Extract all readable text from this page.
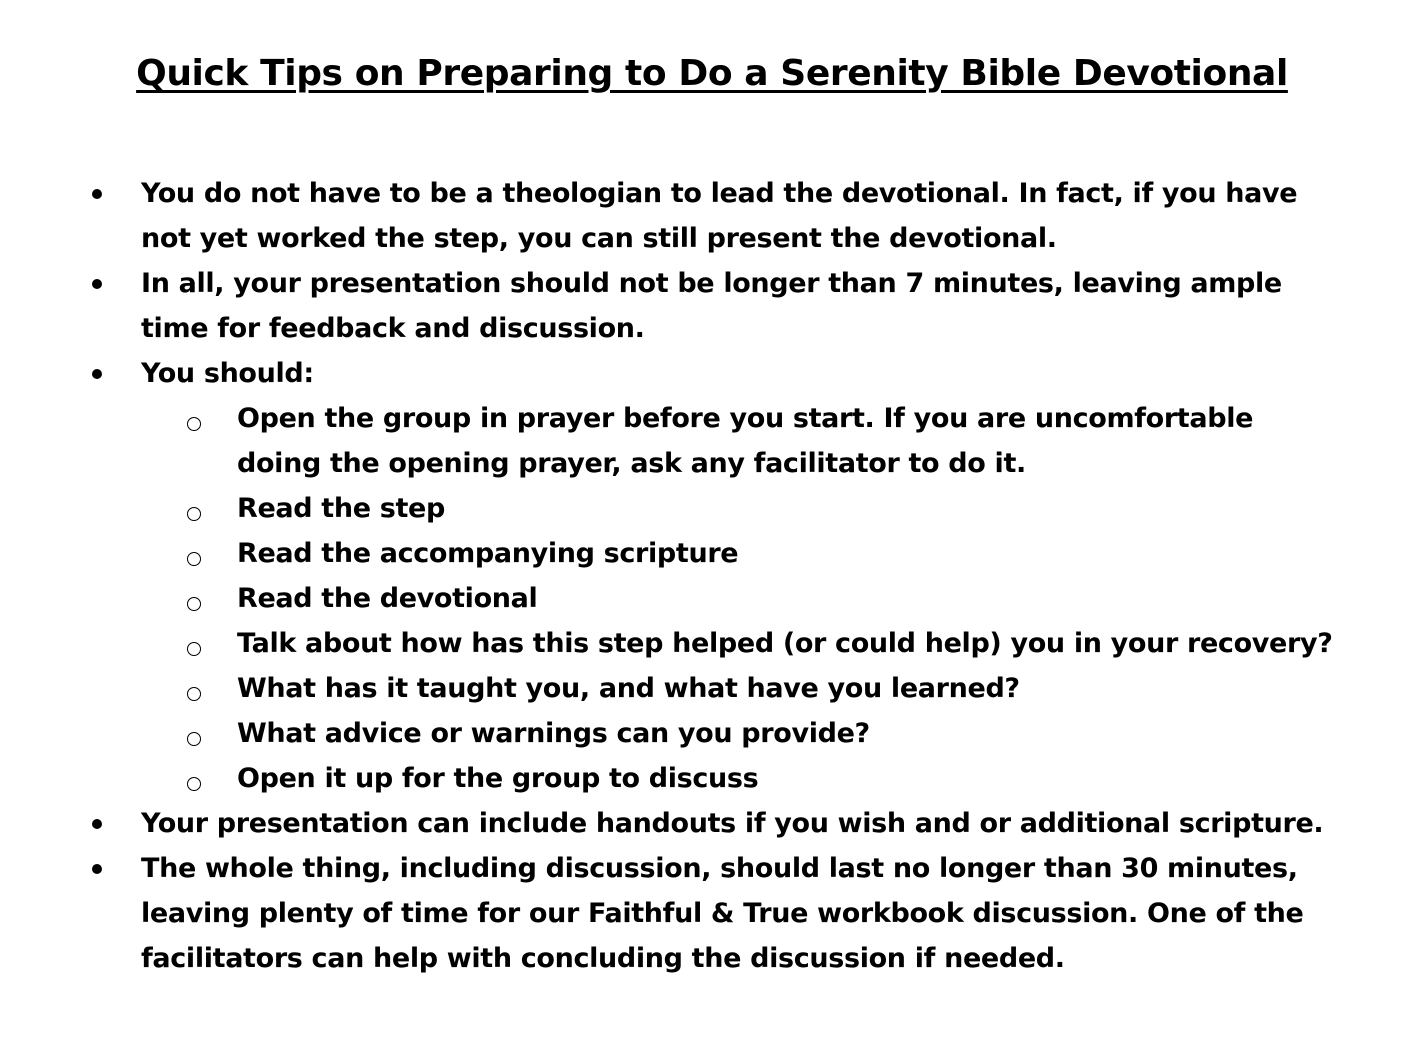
Quick Tips on Preparing to Do a Serenity Bible Devotional
You do not have to be a theologian to lead the devotional. In fact, if you have
not yet worked the step, you can still present the devotional.
In all, your presentation should not be longer than 7 minutes, leaving ample
time for feedback and discussion.
You should:
Open the group in prayer before you start. If you are uncomfortable
doing the opening prayer, ask any facilitator to do it.
Read the step
Read the accompanying scripture
Read the devotional
Talk about how has this step helped (or could help) you in your recovery?
What has it taught you, and what have you learned?
What advice or warnings can you provide?
Open it up for the group to discuss
Your presentation can include handouts if you wish and or additional scripture.
The whole thing, including discussion, should last no longer than 30 minutes,
leaving plenty of time for our Faithful & True workbook discussion. One of the
facilitators can help with concluding the discussion if needed.
